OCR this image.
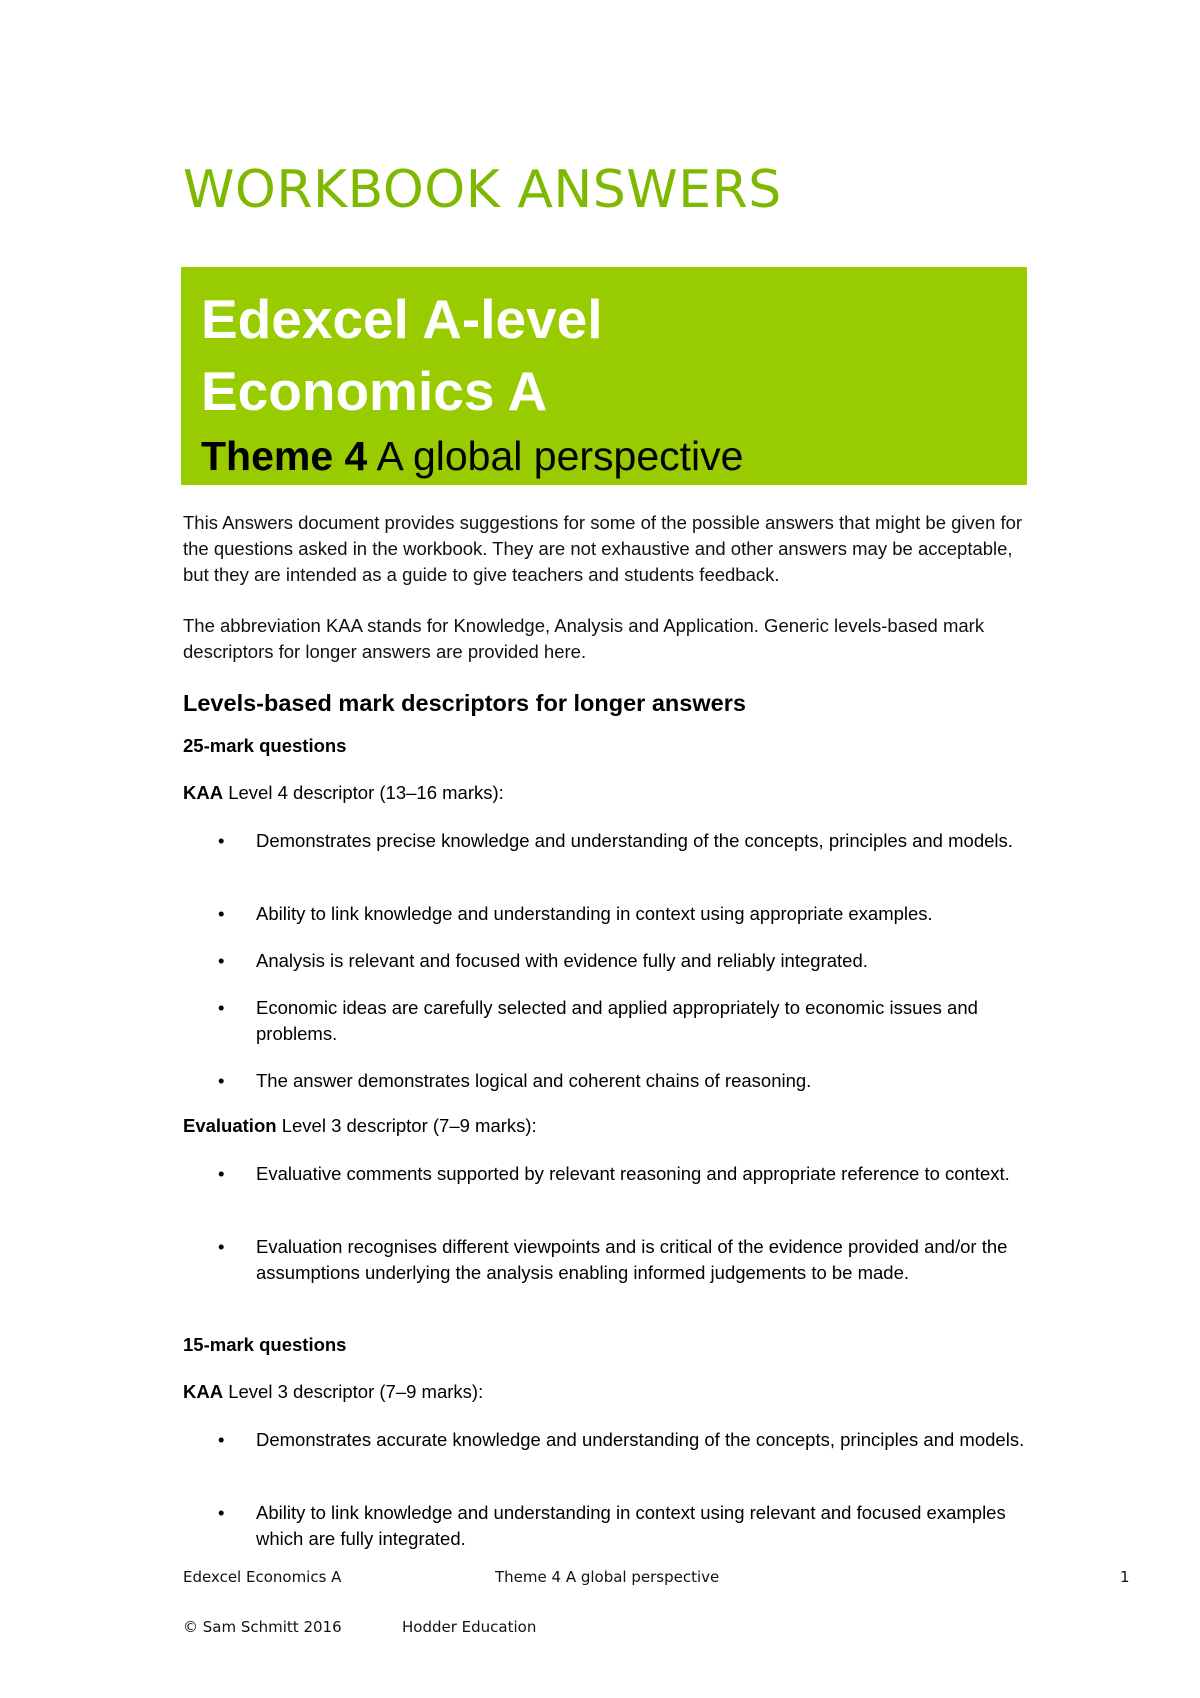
WORKBOOK ANSWERS
Edexcel A-level
Economics A
Theme 4 A global perspective
This Answers document provides suggestions for some of the possible answers that might be given for the questions asked in the workbook. They are not exhaustive and other answers may be acceptable, but they are intended as a guide to give teachers and students feedback.
The abbreviation KAA stands for Knowledge, Analysis and Application. Generic levels-based mark descriptors for longer answers are provided here.
Levels-based mark descriptors for longer answers
25-mark questions
KAA Level 4 descriptor (13–16 marks):
•	Demonstrates precise knowledge and understanding of the concepts, principles and models.
•	Ability to link knowledge and understanding in context using appropriate examples.
•	Analysis is relevant and focused with evidence fully and reliably integrated.
•	Economic ideas are carefully selected and applied appropriately to economic issues and problems.
•	The answer demonstrates logical and coherent chains of reasoning.
Evaluation Level 3 descriptor (7–9 marks):
•	Evaluative comments supported by relevant reasoning and appropriate reference to context.
•	Evaluation recognises different viewpoints and is critical of the evidence provided and/or the assumptions underlying the analysis enabling informed judgements to be made.
15-mark questions
KAA Level 3 descriptor (7–9 marks):
•	Demonstrates accurate knowledge and understanding of the concepts, principles and models.
•	Ability to link knowledge and understanding in context using relevant and focused examples which are fully integrated.
Edexcel Economics A	Theme 4 A global perspective	1
© Sam Schmitt 2016	Hodder Education
